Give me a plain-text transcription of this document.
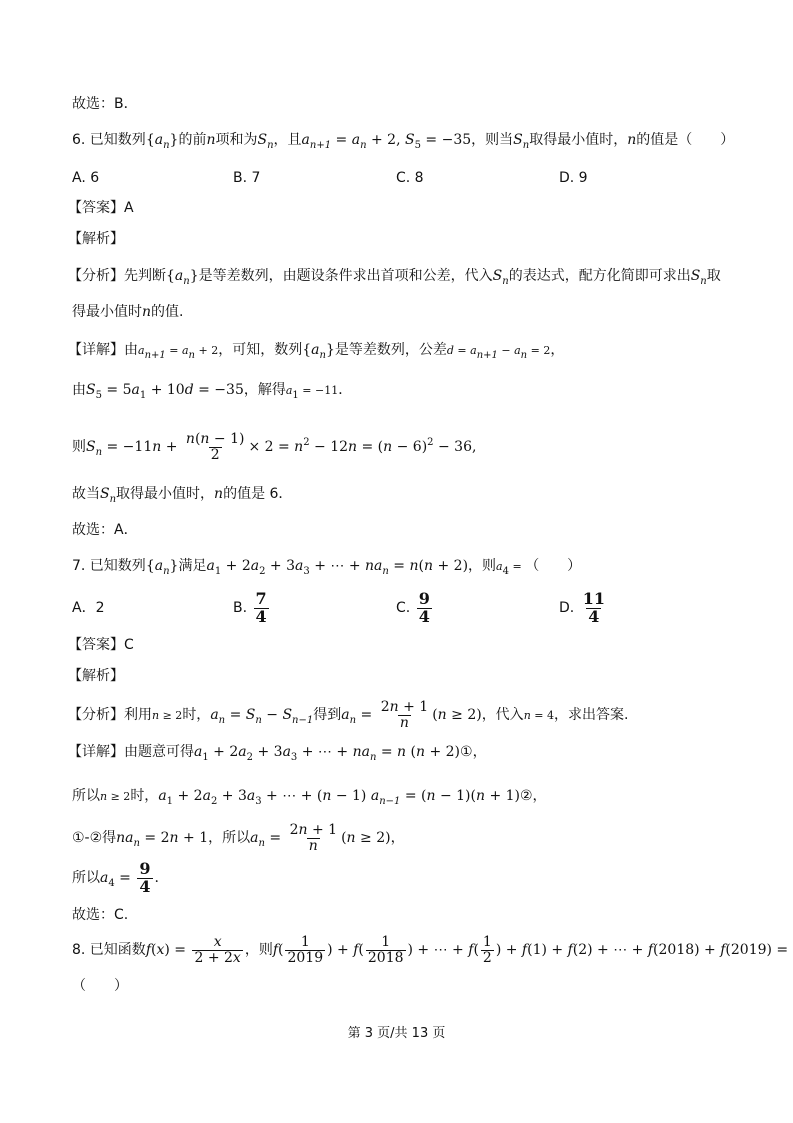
故选：B．
6. 已知数列$\{a_n\}$的前n项和为$S_n$，且$a_{n+1} = a_n + 2$, $S_5 = -35$，则当$S_n$取得最小值时，n的值是（　　）
A. 6	B. 7	C. 8	D. 9
【答案】A
【解析】
【分析】先判断$\{a_n\}$是等差数列，由题设条件求出首项和公差，代入$S_n$的表达式，配方化简即可求出$S_n$取
得最小值时n的值.
【详解】由$a_{n+1} = a_n + 2$，可知，数列$\{a_n\}$是等差数列，公差$d = a_{n+1} - a_n = 2$，
由$S_5 = 5a_1 + 10d = -35$，解得$a_1 = -11$．
则$S_n = -11n + \frac{n(n - 1)}{2} \times 2 = n^2 - 12n = (n - 6)^2 - 36$,
故当$S_n$取得最小值时，n的值是 6．
故选：A．
7. 已知数列$\{a_n\}$满足$a_1 + 2a_2 + 3a_3$ + ⋯ + $na_n = n(n + 2)$，则$a_4$ = （　　）
A．2	B. $\frac{7}{4}$	C. $\frac{9}{4}$	D. $\frac{11}{4}$
【答案】C
【解析】
【分析】利用n ≥ 2时，$a_n = S_n - S_{n-1}$得到$a_n = \frac{2n + 1}{n} (n \ge 2)$，代入n = 4，求出答案.
【详解】由题意可得$a_1 + 2a_2 + 3a_3$ + ⋯ + $na_n = n$ (n + 2)①，
所以n ≥ 2时，$a_1 + 2a_2 + 3a_3$ + ⋯ + (n − 1) $a_{n-1} = (n - 1)(n$ + 1)②，
①-②得$na_n = 2n + 1$，所以$a_n = \frac{2n + 1}{n} (n \ge 2)$，
所以$a_4 = \frac{9}{4}$ .
故选：C.
8. 已知函数$f(x) = \frac{x}{2 + 2x}$ ，则$f( \frac{1}{2019}$ ) + $f( \frac{1}{2018}$ ) + ⋯ + $f( \frac{1}{2}$ ) + f(1) + f(2) + ⋯ + f(2018) + f(2019) =
（　　）
第 3 页/共 13 页
